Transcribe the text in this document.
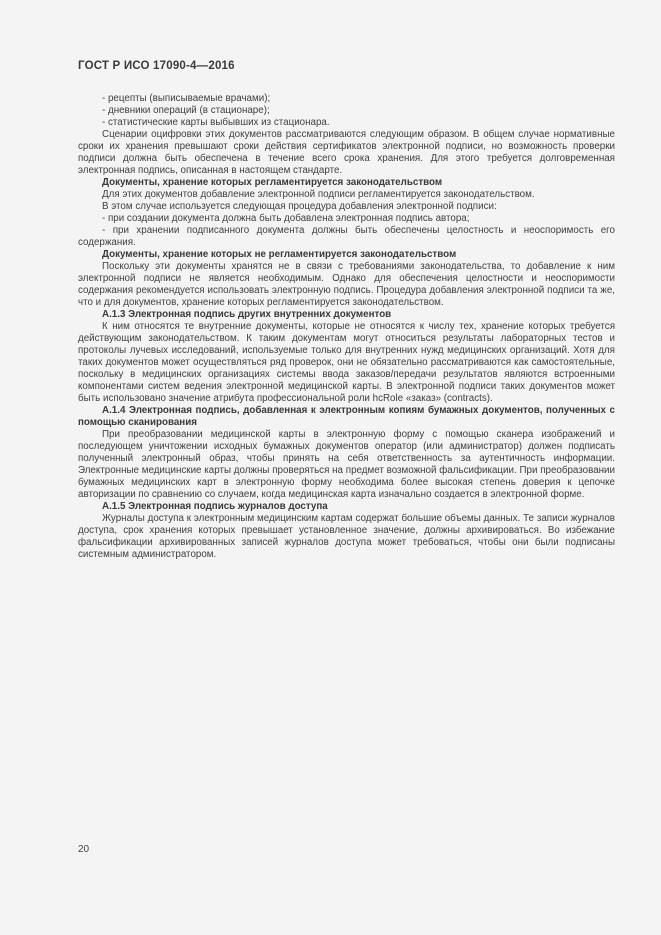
ГОСТ Р ИСО 17090-4—2016

- рецепты (выписываемые врачами);

- дневники операций (в стационаре);

- статистические карты выбывших из стационара.

Сценарии оцифровки этих документов рассматриваются следующим образом. В общем случае нормативные сроки их хранения превышают сроки действия сертификатов электронной подписи, но возможность проверки подписи должна быть обеспечена в течение всего срока хранения. Для этого требуется долговременная электронная подпись, описанная в настоящем стандарте.

Документы, хранение которых регламентируется законодательством

Для этих документов добавление электронной подписи регламентируется законодательством.

В этом случае используется следующая процедура добавления электронной подписи:

- при создании документа должна быть добавлена электронная подпись автора;

- при хранении подписанного документа должны быть обеспечены целостность и неоспоримость его содержания.

Документы, хранение которых не регламентируется законодательством

Поскольку эти документы хранятся не в связи с требованиями законодательства, то добавление к ним электронной подписи не является необходимым. Однако для обеспечения целостности и неоспоримости содержания рекомендуется использовать электронную подпись. Процедура добавления электронной подписи та же, что и для документов, хранение которых регламентируется законодательством.

А.1.3 Электронная подпись других внутренних документов

К ним относятся те внутренние документы, которые не относятся к числу тех, хранение которых требуется действующим законодательством. К таким документам могут относиться результаты лабораторных тестов и протоколы лучевых исследований, используемые только для внутренних нужд медицинских организаций. Хотя для таких документов может осуществляться ряд проверок, они не обязательно рассматриваются как самостоятельные, поскольку в медицинских организациях системы ввода заказов/передачи результатов являются встроенными компонентами систем ведения электронной медицинской карты. В электронной подписи таких документов может быть использовано значение атрибута профессиональной роли hcRole «заказ» (contracts).

А.1.4 Электронная подпись, добавленная к электронным копиям бумажных документов, полученных с помощью сканирования

При преобразовании медицинской карты в электронную форму с помощью сканера изображений и последующем уничтожении исходных бумажных документов оператор (или администратор) должен подписать полученный электронный образ, чтобы принять на себя ответственность за аутентичность информации. Электронные медицинские карты должны проверяться на предмет возможной фальсификации. При преобразовании бумажных медицинских карт в электронную форму необходима более высокая степень доверия к цепочке авторизации по сравнению со случаем, когда медицинская карта изначально создается в электронной форме.

А.1.5 Электронная подпись журналов доступа

Журналы доступа к электронным медицинским картам содержат большие объемы данных. Те записи журналов доступа, срок хранения которых превышает установленное значение, должны архивироваться. Во избежание фальсификации архивированных записей журналов доступа может требоваться, чтобы они были подписаны системным администратором.

20
